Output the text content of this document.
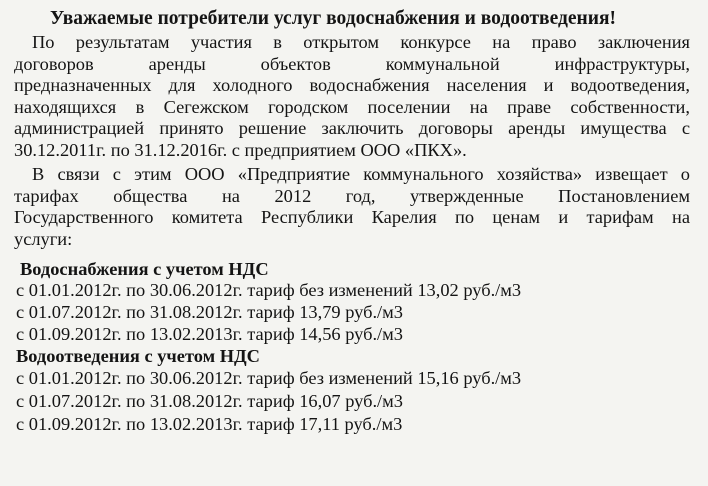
Уважаемые потребители услуг водоснабжения и водоотведения!
По результатам участия в открытом конкурсе на право заключения
договоров аренды объектов коммунальной инфраструктуры,
предназначенных для холодного водоснабжения населения и водоотведения,
находящихся в Сегежском городском поселении на праве собственности,
администрацией принято решение заключить договоры аренды имущества с
30.12.2011г. по 31.12.2016г. с предприятием ООО «ПКХ».
В связи с этим ООО «Предприятие коммунального хозяйства» извещает о
тарифах общества на 2012 год, утвержденные Постановлением
Государственного комитета Республики Карелия по ценам и тарифам на
услуги:
Водоснабжения с учетом НДС
с 01.01.2012г. по 30.06.2012г. тариф без изменений 13,02 руб./м3
с 01.07.2012г. по 31.08.2012г. тариф 13,79 руб./м3
с 01.09.2012г. по 13.02.2013г. тариф 14,56 руб./м3
Водоотведения с учетом НДС
с 01.01.2012г. по 30.06.2012г. тариф без изменений 15,16 руб./м3
с 01.07.2012г. по 31.08.2012г. тариф 16,07 руб./м3
с 01.09.2012г. по 13.02.2013г. тариф 17,11 руб./м3
